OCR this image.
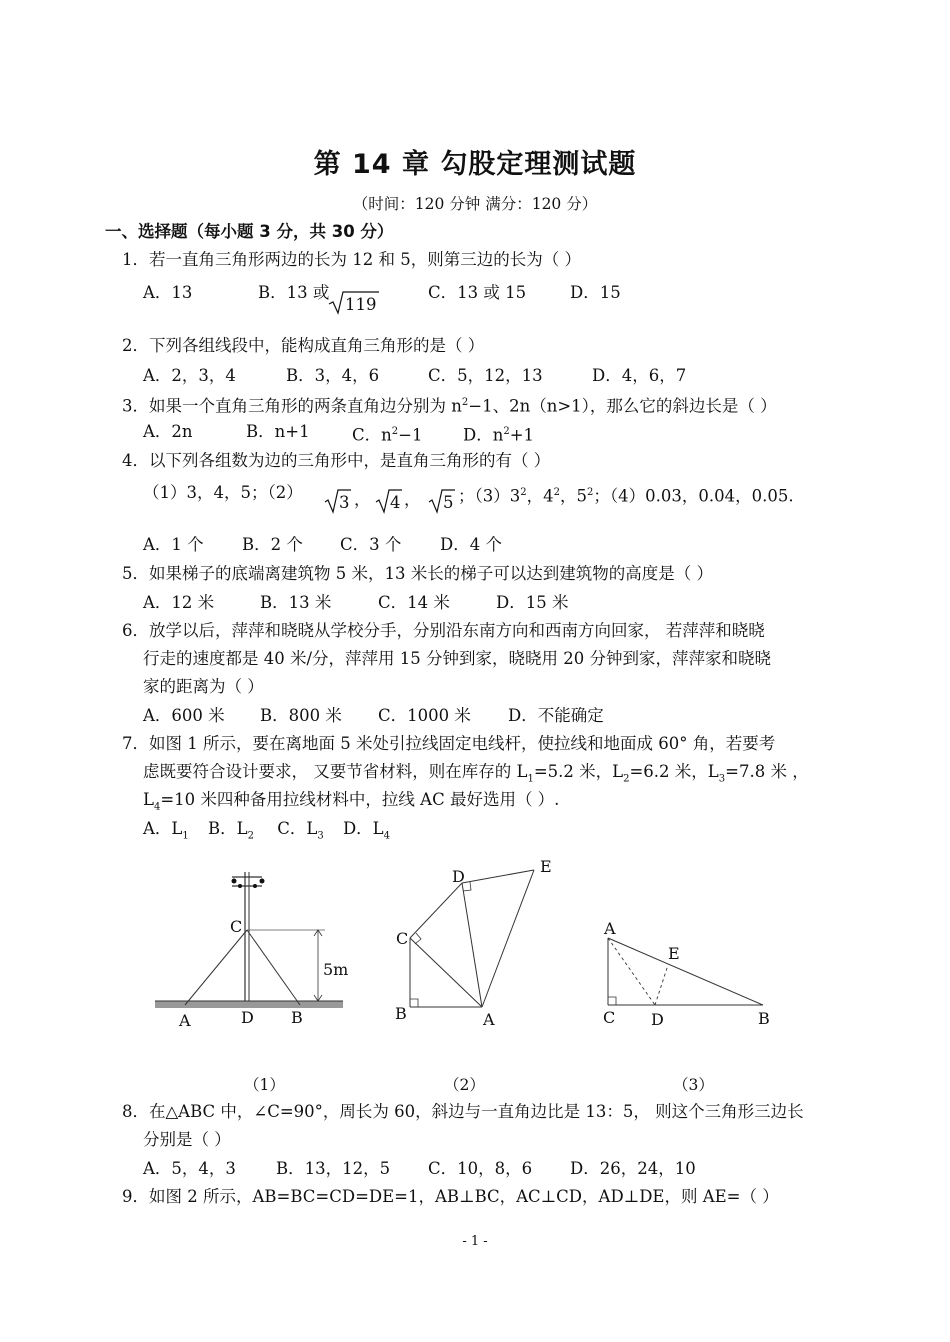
第 14 章 勾股定理测试题
（时间：120 分钟 满分：120 分）
一、选择题（每小题 3 分，共 30 分）
1．若一直角三角形两边的长为 12 和 5，则第三边的长为（ ）
A．13	B．13 或
119
C．13 或 15	D．15
2．下列各组线段中，能构成直角三角形的是（ ）
A．2，3，4	B．3，4，6	C．5，12，13	D．4，6，7
3．如果一个直角三角形的两条直角边分别为 $n^2-1$、2n（n>1），那么它的斜边长是（ ）
A．2n	B．n+1	C．$n^2-1$ D．$n^2+1$
4．以下列各组数为边的三角形中，是直角三角形的有（ ）
（1）3，4，5；（2）
3 ， 4 ， 5 ；$(3)3^2$，$4^2$，$5^2$；（4）0.03，0.04，0.05.
A．1 个 B．2 个 C．3 个 D．4 个
5．如果梯子的底端离建筑物 5 米，13 米长的梯子可以达到建筑物的高度是（ ）
A．12 米	B．13 米	C．14 米	D．15 米
6．放学以后，萍萍和晓晓从学校分手，分别沿东南方向和西南方向回家， 若萍萍和晓晓
行走的速度都是 40 米/分，萍萍用 15 分钟到家，晓晓用 20 分钟到家，萍萍家和晓晓
家的距离为（ ）
A．600 米 B．800 米 C．1000 米 D．不能确定
7．如图 1 所示，要在离地面 5 米处引拉线固定电线杆，使拉线和地面成 60° 角，若要考
虑既要符合设计要求， 又要节省材料，则在库存的 $L_1=5.2$ 米，$L_2=6.2$ 米，$L_3=7.8$ 米 ，
$L_4=10$ 米四种备用拉线材料中，拉线 AC 最好选用（ ）.
A．$L_1$ B．$L_2$ C．$L_3$ D．$L_4$
C
A	D B
5m
D
E
C
B	A
A
E
C D	B
（1）	（2）	（3）
8．在△ABC 中，∠C=90°，周长为 60，斜边与一直角边比是 13：5， 则这个三角形三边长
分别是（ ）
A．5，4，3 B．13，12，5 C．10，8，6 D．26，24，10
9．如图 2 所示，AB=BC=CD=DE=1，AB⊥BC，AC⊥CD，AD⊥DE，则 AE=（ ）
- 1 -
